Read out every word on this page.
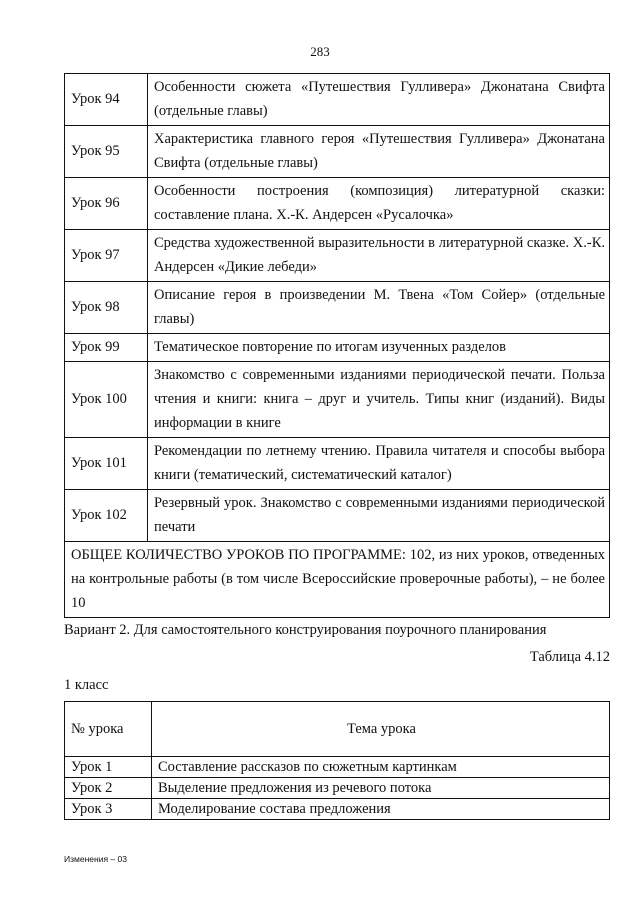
283
Урок 94	Особенности сюжета «Путешествия Гулливера» Джонатана Свифта (отдельные главы)
Урок 95	Характеристика главного героя «Путешествия Гулливера» Джонатана Свифта (отдельные главы)
Урок 96	Особенности построения (композиция) литературной сказки: составление плана. Х.-К. Андерсен «Русалочка»
Урок 97	Средства художественной выразительности в литературной сказке. Х.-К. Андерсен «Дикие лебеди»
Урок 98	Описание героя в произведении М. Твена «Том Сойер» (отдельные главы)
Урок 99	Тематическое повторение по итогам изученных разделов
Урок 100	Знакомство с современными изданиями периодической печати. Польза чтения и книги: книга – друг и учитель. Типы книг (изданий). Виды информации в книге
Урок 101	Рекомендации по летнему чтению. Правила читателя и способы выбора книги (тематический, систематический каталог)
Урок 102	Резервный урок. Знакомство с современными изданиями периодической печати
ОБЩЕЕ КОЛИЧЕСТВО УРОКОВ ПО ПРОГРАММЕ: 102, из них уроков, отведенных на контрольные работы (в том числе Всероссийские проверочные работы), – не более 10	
Вариант 2. Для самостоятельного конструирования поурочного планирования
Таблица 4.12
1 класс
№ урока	Тема урока
Урок 1	Составление рассказов по сюжетным картинкам
Урок 2	Выделение предложения из речевого потока
Урок 3	Моделирование состава предложения
Изменения – 03
